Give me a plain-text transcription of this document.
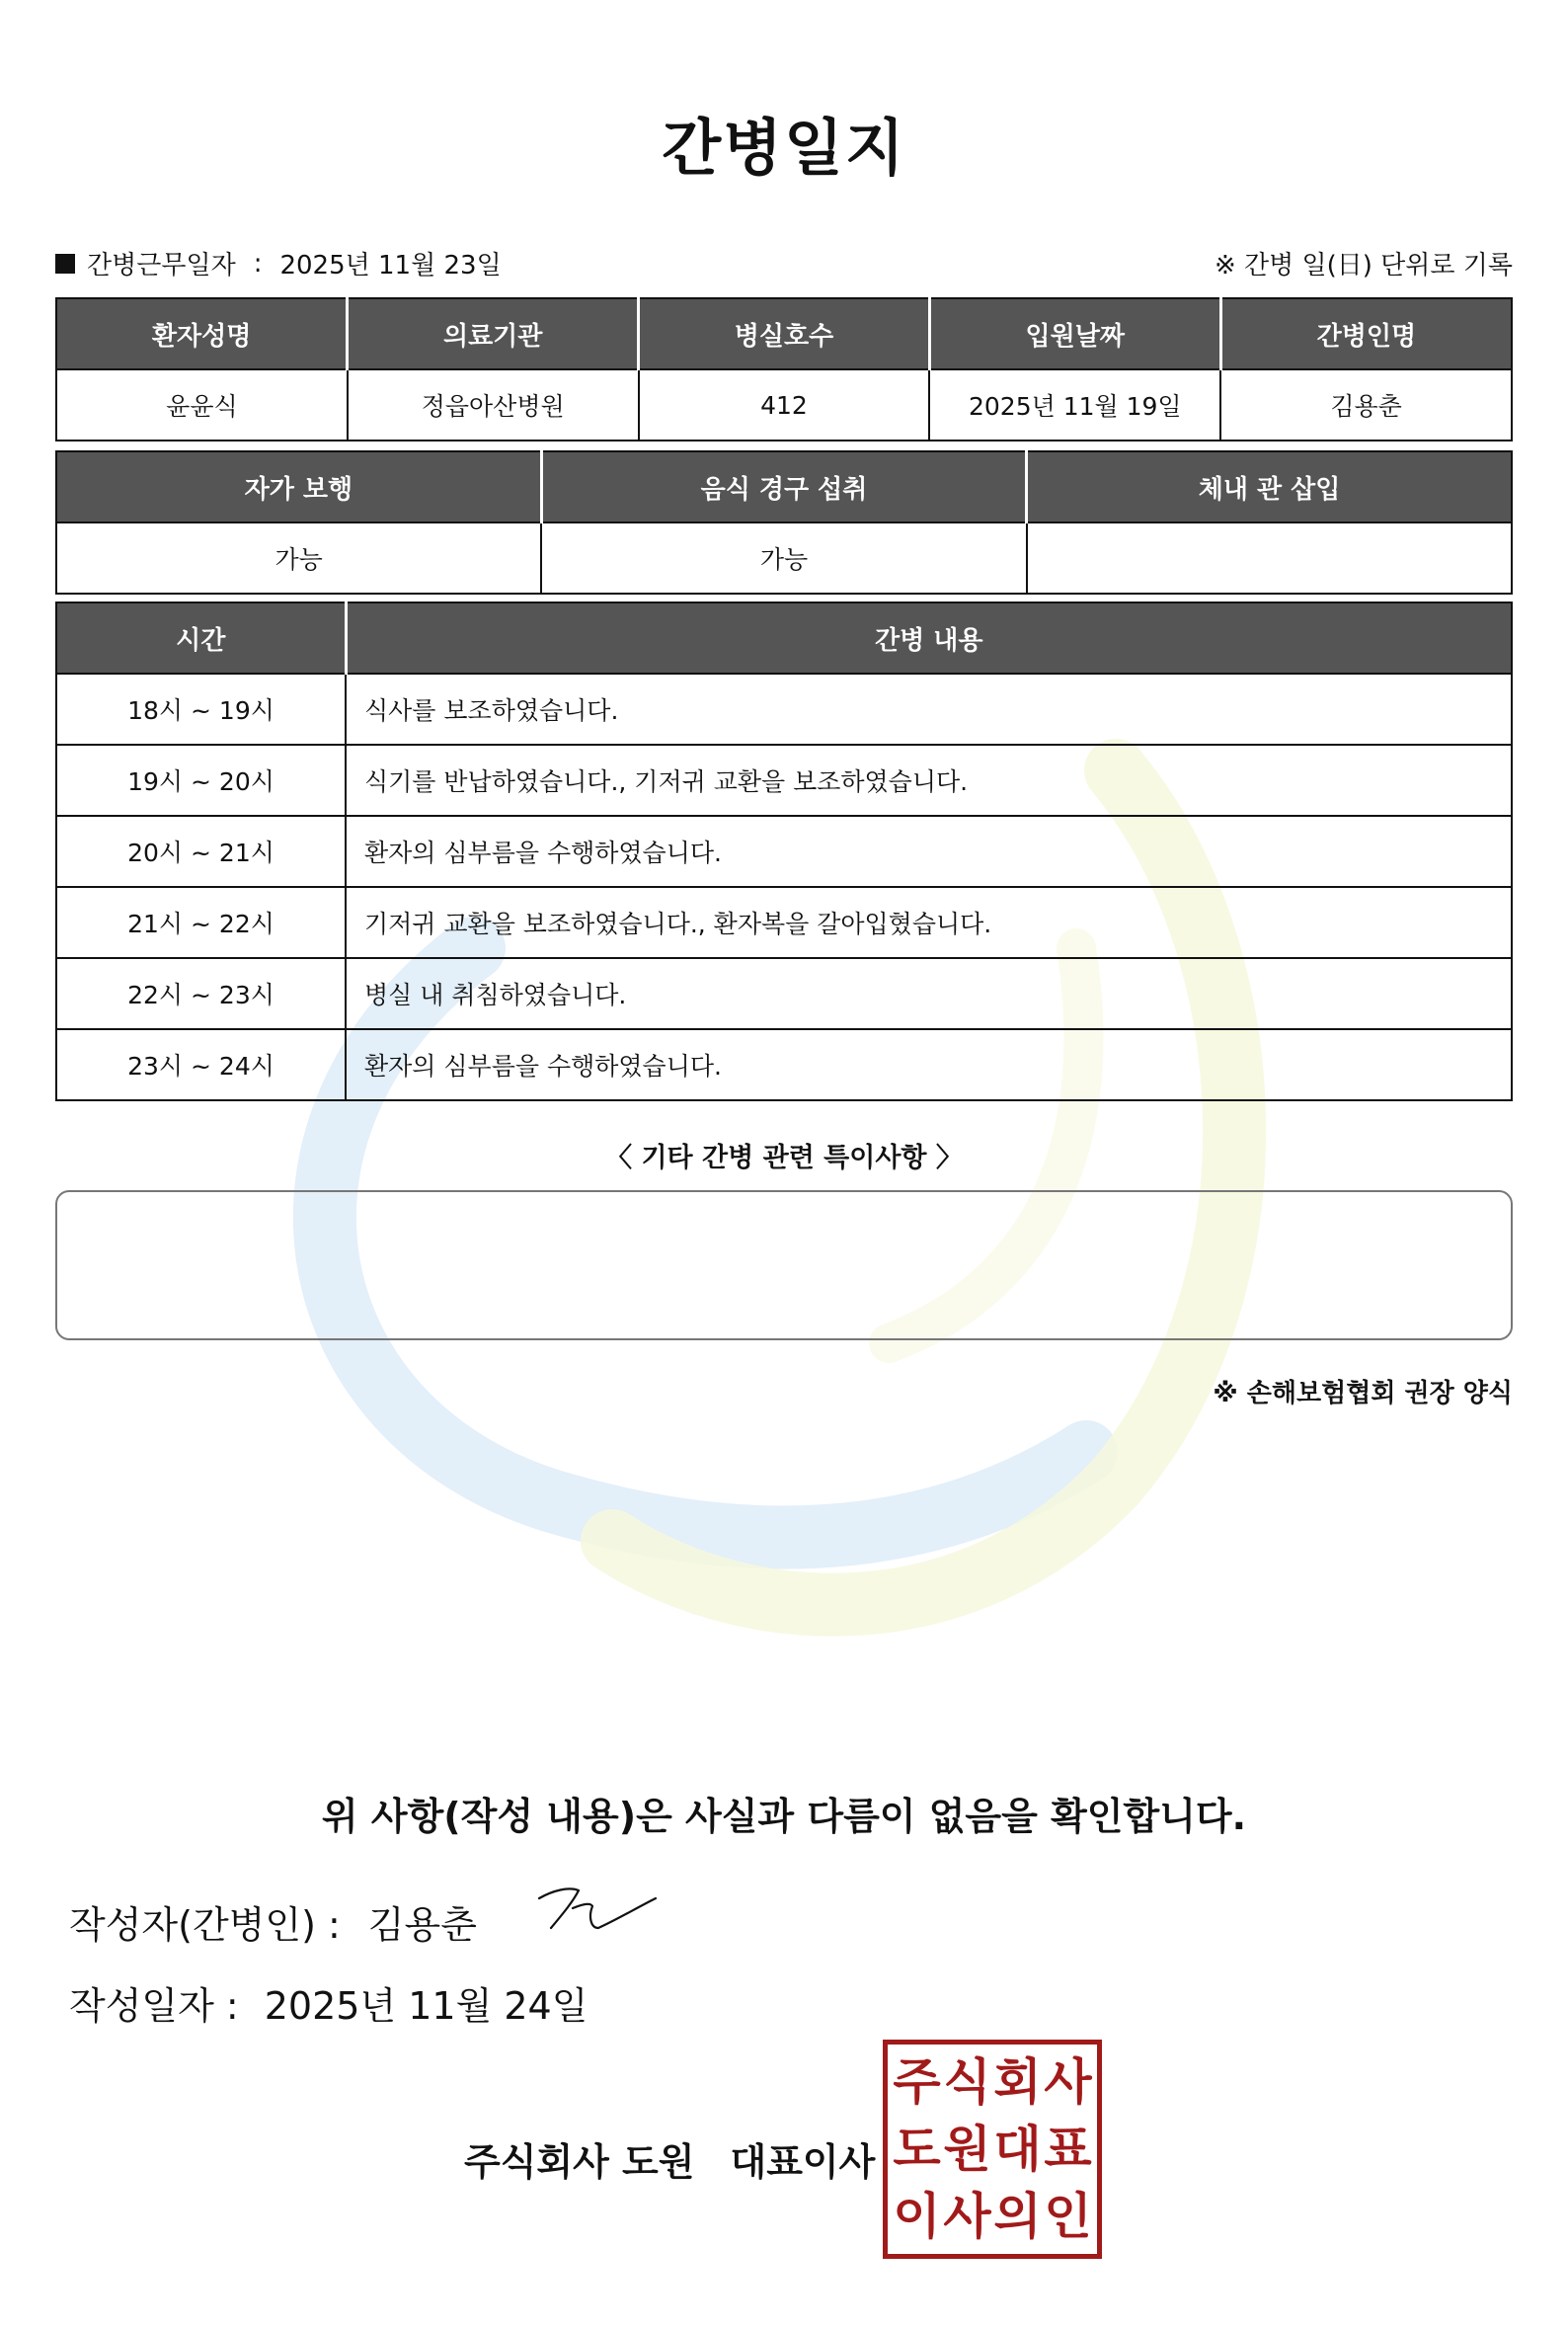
간병일지
간병근무일자 : 2025년 11월 23일	※ 간병 일(日) 단위로 기록
환자성명	의료기관	병실호수	입원날짜	간병인명
윤윤식	정읍아산병원	412	2025년 11월 19일	김용춘
자가 보행	음식 경구 섭취	체내 관 삽입
가능	가능	
시간	간병 내용
18시 ~ 19시	식사를 보조하였습니다.
19시 ~ 20시	식기를 반납하였습니다., 기저귀 교환을 보조하였습니다.
20시 ~ 21시	환자의 심부름을 수행하였습니다.
21시 ~ 22시	기저귀 교환을 보조하였습니다., 환자복을 갈아입혔습니다.
22시 ~ 23시	병실 내 취침하였습니다.
23시 ~ 24시	환자의 심부름을 수행하였습니다.
〈 기타 간병 관련 특이사항 〉
※ 손해보험협회 권장 양식
위 사항(작성 내용)은 사실과 다름이 없음을 확인합니다.
작성자(간병인) : 김용춘
작성일자 : 2025년 11월 24일
주식회사 도원 대표이사
주 식 회 사
도 원 대 표
이 사 의 인
